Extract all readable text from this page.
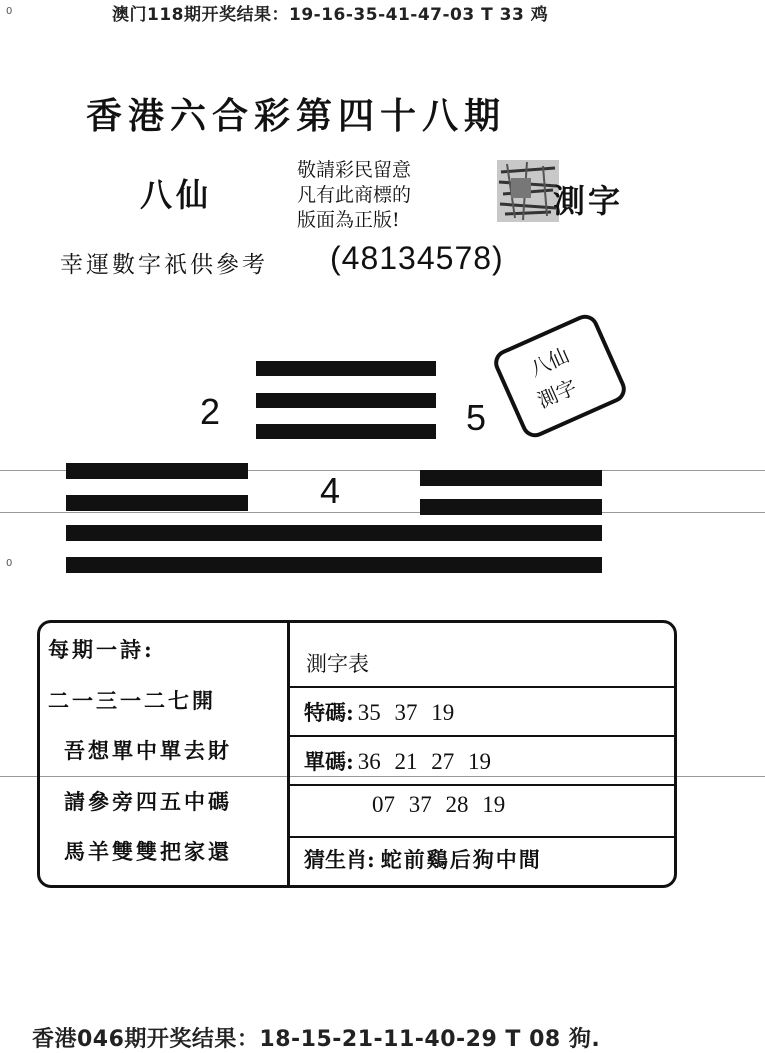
0
0
澳门118期开奖结果：19-16-35-41-47-03 T 33 鸡
香港六合彩第四十八期
八仙
敬請彩民留意
凡有此商標的
版面為正版!	測字
幸運數字祇供參考 (48134578)
2	5
八仙
測字
4
每期一詩:
二一三一二七開
吾想單中單去財
請參旁四五中碼
馬羊雙雙把家還
測字表
特碼: 35 37 19
單碼: 36 21 27 19
07 37 28 19
猜生肖: 蛇前鷄后狗中間
香港046期开奖结果：18-15-21-11-40-29 T 08 狗.
